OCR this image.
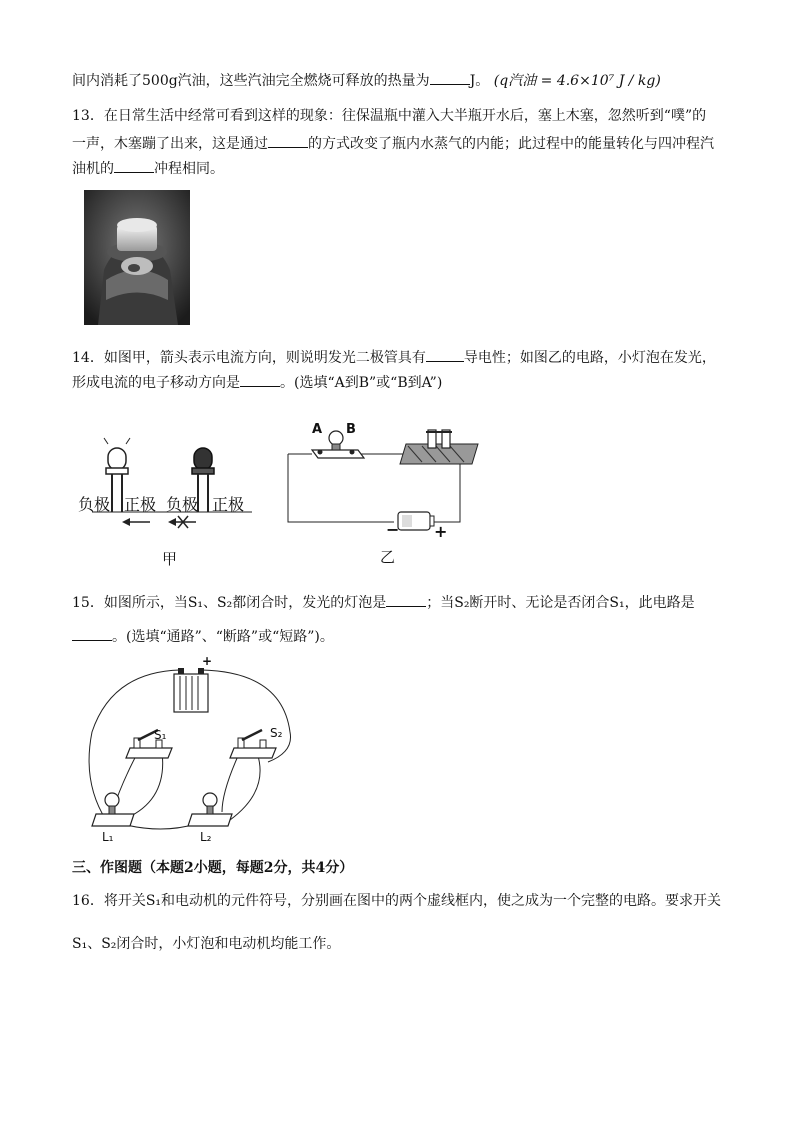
间内消耗了500g汽油，这些汽油完全燃烧可释放的热量为	J。 (q汽油 = 4.6×10⁷ J / kg)
13．在日常生活中经常可看到这样的现象：往保温瓶中灌入大半瓶开水后，塞上木塞，忽然听到“噗”的
一声，木塞蹦了出来，这是通过	的方式改变了瓶内水蒸气的内能；此过程中的能量转化与四冲程汽
油机的	冲程相同。
14．如图甲，箭头表示电流方向，则说明发光二极管具有	导电性；如图乙的电路，小灯泡在发光，
形成电流的电子移动方向是	。(选填“A到B”或“B到A”)
负极 正极 负极 正极
甲
A B
− +
乙
15．如图所示，当S₁、S₂都闭合时，发光的灯泡是	；当S₂断开时、无论是否闭合S₁，此电路是
。(选填“通路”、“断路”或“短路”)。
+
S₁	S₂
L₁	L₂
三、作图题（本题2小题，每题2分，共4分）
16．将开关S₁和电动机的元件符号，分别画在图中的两个虚线框内，使之成为一个完整的电路。要求开关
S₁、S₂闭合时，小灯泡和电动机均能工作。
